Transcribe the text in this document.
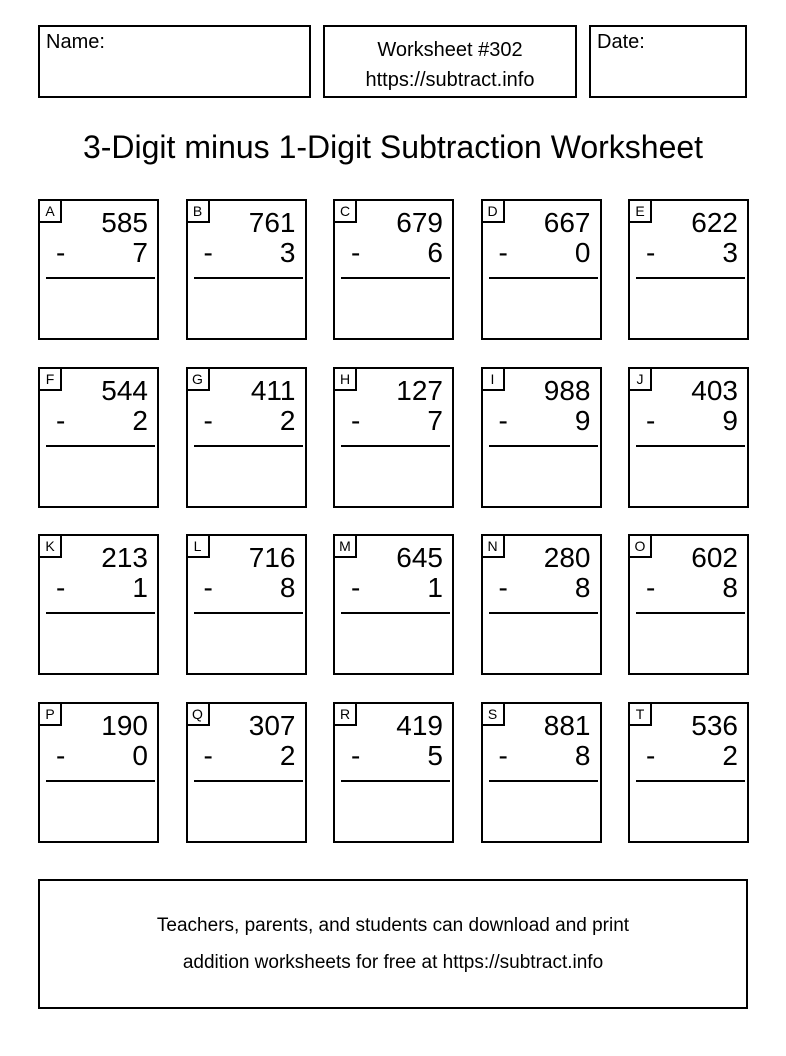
Name:	Worksheet #302
https://subtract.info
Date:
3-Digit minus 1-Digit Subtraction Worksheet
A	585
- 7
B	761
- 3
C	679
- 6
D	667
- 0
E	622
- 3
F	544
- 2
G	411
- 2
H	127
- 7
I	988
- 9
J	403
- 9
K	213
- 1
L	716
- 8
M	645
- 1
N	280
- 8
O	602
- 8
P	190
- 0
Q	307
- 2
R	419
- 5
S	881
- 8
T	536
- 2
Teachers, parents, and students can download and print
addition worksheets for free at https://subtract.info
